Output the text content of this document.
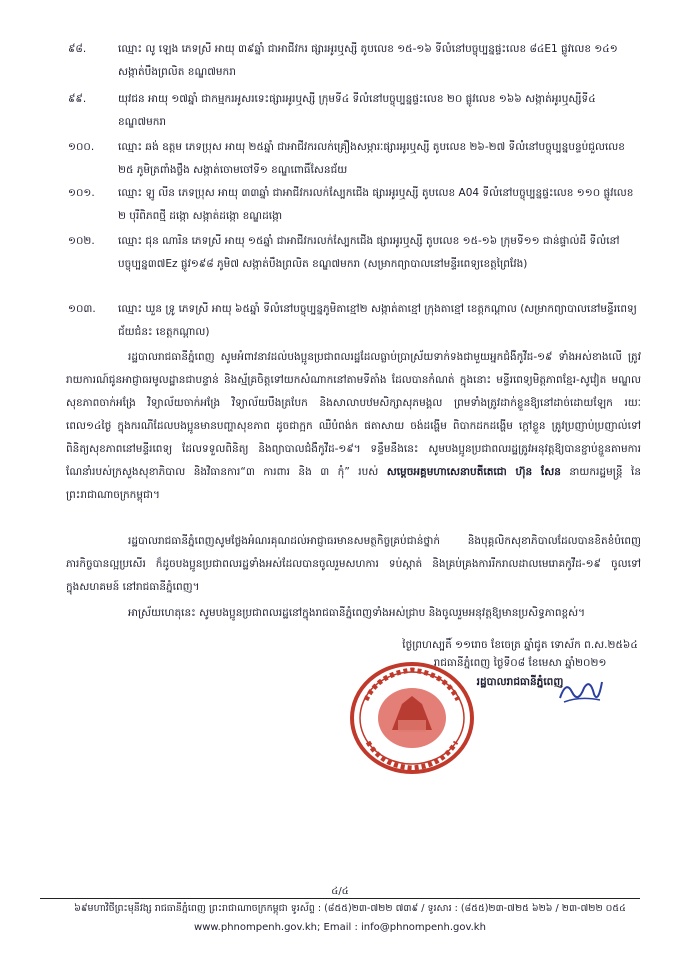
៩៨.	ឈ្មោះ លូ ឡេង ភេទស្រី អាយុ ៣៩ឆ្នាំ ជាអាជីវករ ផ្សារអូរឬស្សី តូបលេខ ១៥-១៦ ទីលំនៅបច្ចុប្បន្នផ្ទះលេខ ៨៤E1 ផ្លូវលេខ ១៤១ សង្កាត់បឹងព្រលិត ខណ្ឌ៧មករា
៩៩.	យុវជន អាយុ ១៧ឆ្នាំ ជាកម្មករអូសរទេះផ្សារអូរឬស្សី ក្រុមទី៤ ទីលំនៅបច្ចុប្បន្នផ្ទះលេខ ២០ ផ្លូវលេខ ១៦៦ សង្កាត់អូរឬស្សីទី៤ ខណ្ឌ៧មករា
១០០.	ឈ្មោះ ឆង់ ឧត្តម ភេទប្រុស អាយុ ២៥ឆ្នាំ ជាអាជីវករលក់គ្រឿងសម្ភារៈផ្សារអូរឬស្សី តូបលេខ ២៦-២៧ ទីលំនៅបច្ចុប្បន្នបន្ទប់ជួលលេខ ២៥ ភូមិត្រពាំងថ្លឹង សង្កាត់ចោមចៅទី១ ខណ្ឌពោធិ៍សែនជ័យ
១០១.	ឈ្មោះ ឡូ លីន ភេទប្រុស អាយុ ៣៣ឆ្នាំ ជាអាជីវករលក់ស្បែកជើង ផ្សារអូរឬស្សី តូបលេខ A04 ទីលំនៅបច្ចុប្បន្នផ្ទះលេខ ១១០ ផ្លូវលេខ ២ បុរីពិភពថ្មី ដង្កោ សង្កាត់ដង្កោ ខណ្ឌដង្កោ
១០២.	ឈ្មោះ ជុន ណារិន ភេទស្រី អាយុ ១៥ឆ្នាំ ជាអាជីវករលក់ស្បែកជើង ផ្សារអូរឬស្សី តូបលេខ ១៥-១៦ ក្រុមទី១១ ជាន់ផ្ទាល់ដី ទីលំនៅបច្ចុប្បន្ន៣៧Ez ផ្លូវ១៩៨ ភូមិ៧ សង្កាត់បឹងព្រលិត ខណ្ឌ៧មករា (សម្រាកព្យាបាលនៅមន្ទីរពេទ្យខេត្តព្រៃវែង)
១០៣.	ឈ្មោះ ឃួន ទ្រូ ភេទស្រី អាយុ ៦៥ឆ្នាំ ទីលំនៅបច្ចុប្បន្នភូមិតាខ្មៅ២ សង្កាត់តាខ្មៅ ក្រុងតាខ្មៅ ខេត្តកណ្តាល (សម្រាកព្យាបាលនៅមន្ទីរពេទ្យជ័យជំនះ ខេត្តកណ្តាល)

រដ្ឋបាលរាជធានីភ្នំពេញ សូមអំពាវនាវដល់បងប្អូនប្រជាពលរដ្ឋដែលធ្លាប់ប្រាស្រ័យទាក់ទងជាមួយអ្នកជំងឺកូវីដ-១៩ ទាំងអស់ខាងលើ ត្រូវរាយការណ៍ជូនអាជ្ញាធរមូលដ្ឋានជាបន្ទាន់ និងស្ម័គ្រចិត្តទៅយកសំណាកនៅតាមទីតាំង ដែលបានកំណត់ ក្នុងនោះ មន្ទីរពេទ្យមិត្តភាពខ្មែរ-សូវៀត មណ្ឌលសុខភាពចាក់អង្រែ វិទ្យាល័យចាក់អង្រែ វិទ្យាល័យបឹងត្របែក និងសាលាបឋមសិក្សាសុភមង្គល ព្រមទាំងត្រូវដាក់ខ្លួនឱ្យនៅដាច់ដោយឡែក រយៈពេល១៤ថ្ងៃ ក្នុងករណីដែលបងប្អូនមានបញ្ហាសុខភាព ដូចជាក្អក ឈឺបំពង់ក ផតាសាយ ចង់ដង្ហើម ពិបាកដកដង្ហើម ក្តៅខ្លួន ត្រូវប្រញាប់ប្រញាល់ទៅពិនិត្យសុខភាពនៅមន្ទីរពេទ្យ ដែលទទួលពិនិត្យ និងព្យាបាលជំងឺកូវីដ-១៩។ ទន្ទឹមនឹងនេះ សូមបងប្អូនប្រជាពលរដ្ឋត្រូវអនុវត្តឱ្យបានខ្ជាប់ខ្ជួនតាមការណែនាំរបស់ក្រសួងសុខាភិបាល និងវិធានការ“៣ ការពារ និង ៣ កុំ” របស់ សម្តេចអគ្គមហាសេនាបតីតេជោ ហ៊ុន សែន នាយករដ្ឋមន្ត្រី នៃព្រះរាជាណាចក្រកម្ពុជា។

រដ្ឋបាលរាជធានីភ្នំពេញសូមថ្លែងអំណរគុណដល់អាជ្ញាធរមានសមត្ថកិច្ចគ្រប់ជាន់ថ្នាក់ និងបុគ្គលិកសុខាភិបាលដែលបានខិតខំបំពេញភារកិច្ចបានល្អប្រសើរ ក៏ដូចបងប្អូនប្រជាពលរដ្ឋទាំងអស់ដែលបានចូលរួមសហការ ទប់ស្កាត់ និងគ្រប់គ្រងការរីករាលដាលមេរោគកូវីដ-១៩ ចូលទៅក្នុងសហគមន៍ នៅរាជធានីភ្នំពេញ។

អាស្រ័យហេតុនេះ សូមបងប្អូនប្រជាពលរដ្ឋនៅក្នុងរាជធានីភ្នំពេញទាំងអស់ជ្រាប និងចូលរួមអនុវត្តឱ្យមានប្រសិទ្ធភាពខ្ពស់។

ថ្ងៃព្រហស្បតិ៍ ១១រោច ខែចេត្រ ឆ្នាំជូត ទោស័ក ព.ស.២៥៦៤
រាជធានីភ្នំពេញ ថ្ងៃទី០៨ ខែមេសា ឆ្នាំ២០២១
រដ្ឋបាលរាជធានីភ្នំពេញ
៤/៤
៦៩មហាវិថីព្រះមុនីវង្ស រាជធានីភ្នំពេញ ព្រះរាជាណាចក្រកម្ពុជា ទូរស័ព្ទ : (៨៥៥)២៣-៧២២ ៧៣៩ / ទូរសារ : (៨៥៥)២៣-៧២៥ ៦២៦ / ២៣-៧២២ ០៥៤
www.phnompenh.gov.kh; Email : info@phnompenh.gov.kh
